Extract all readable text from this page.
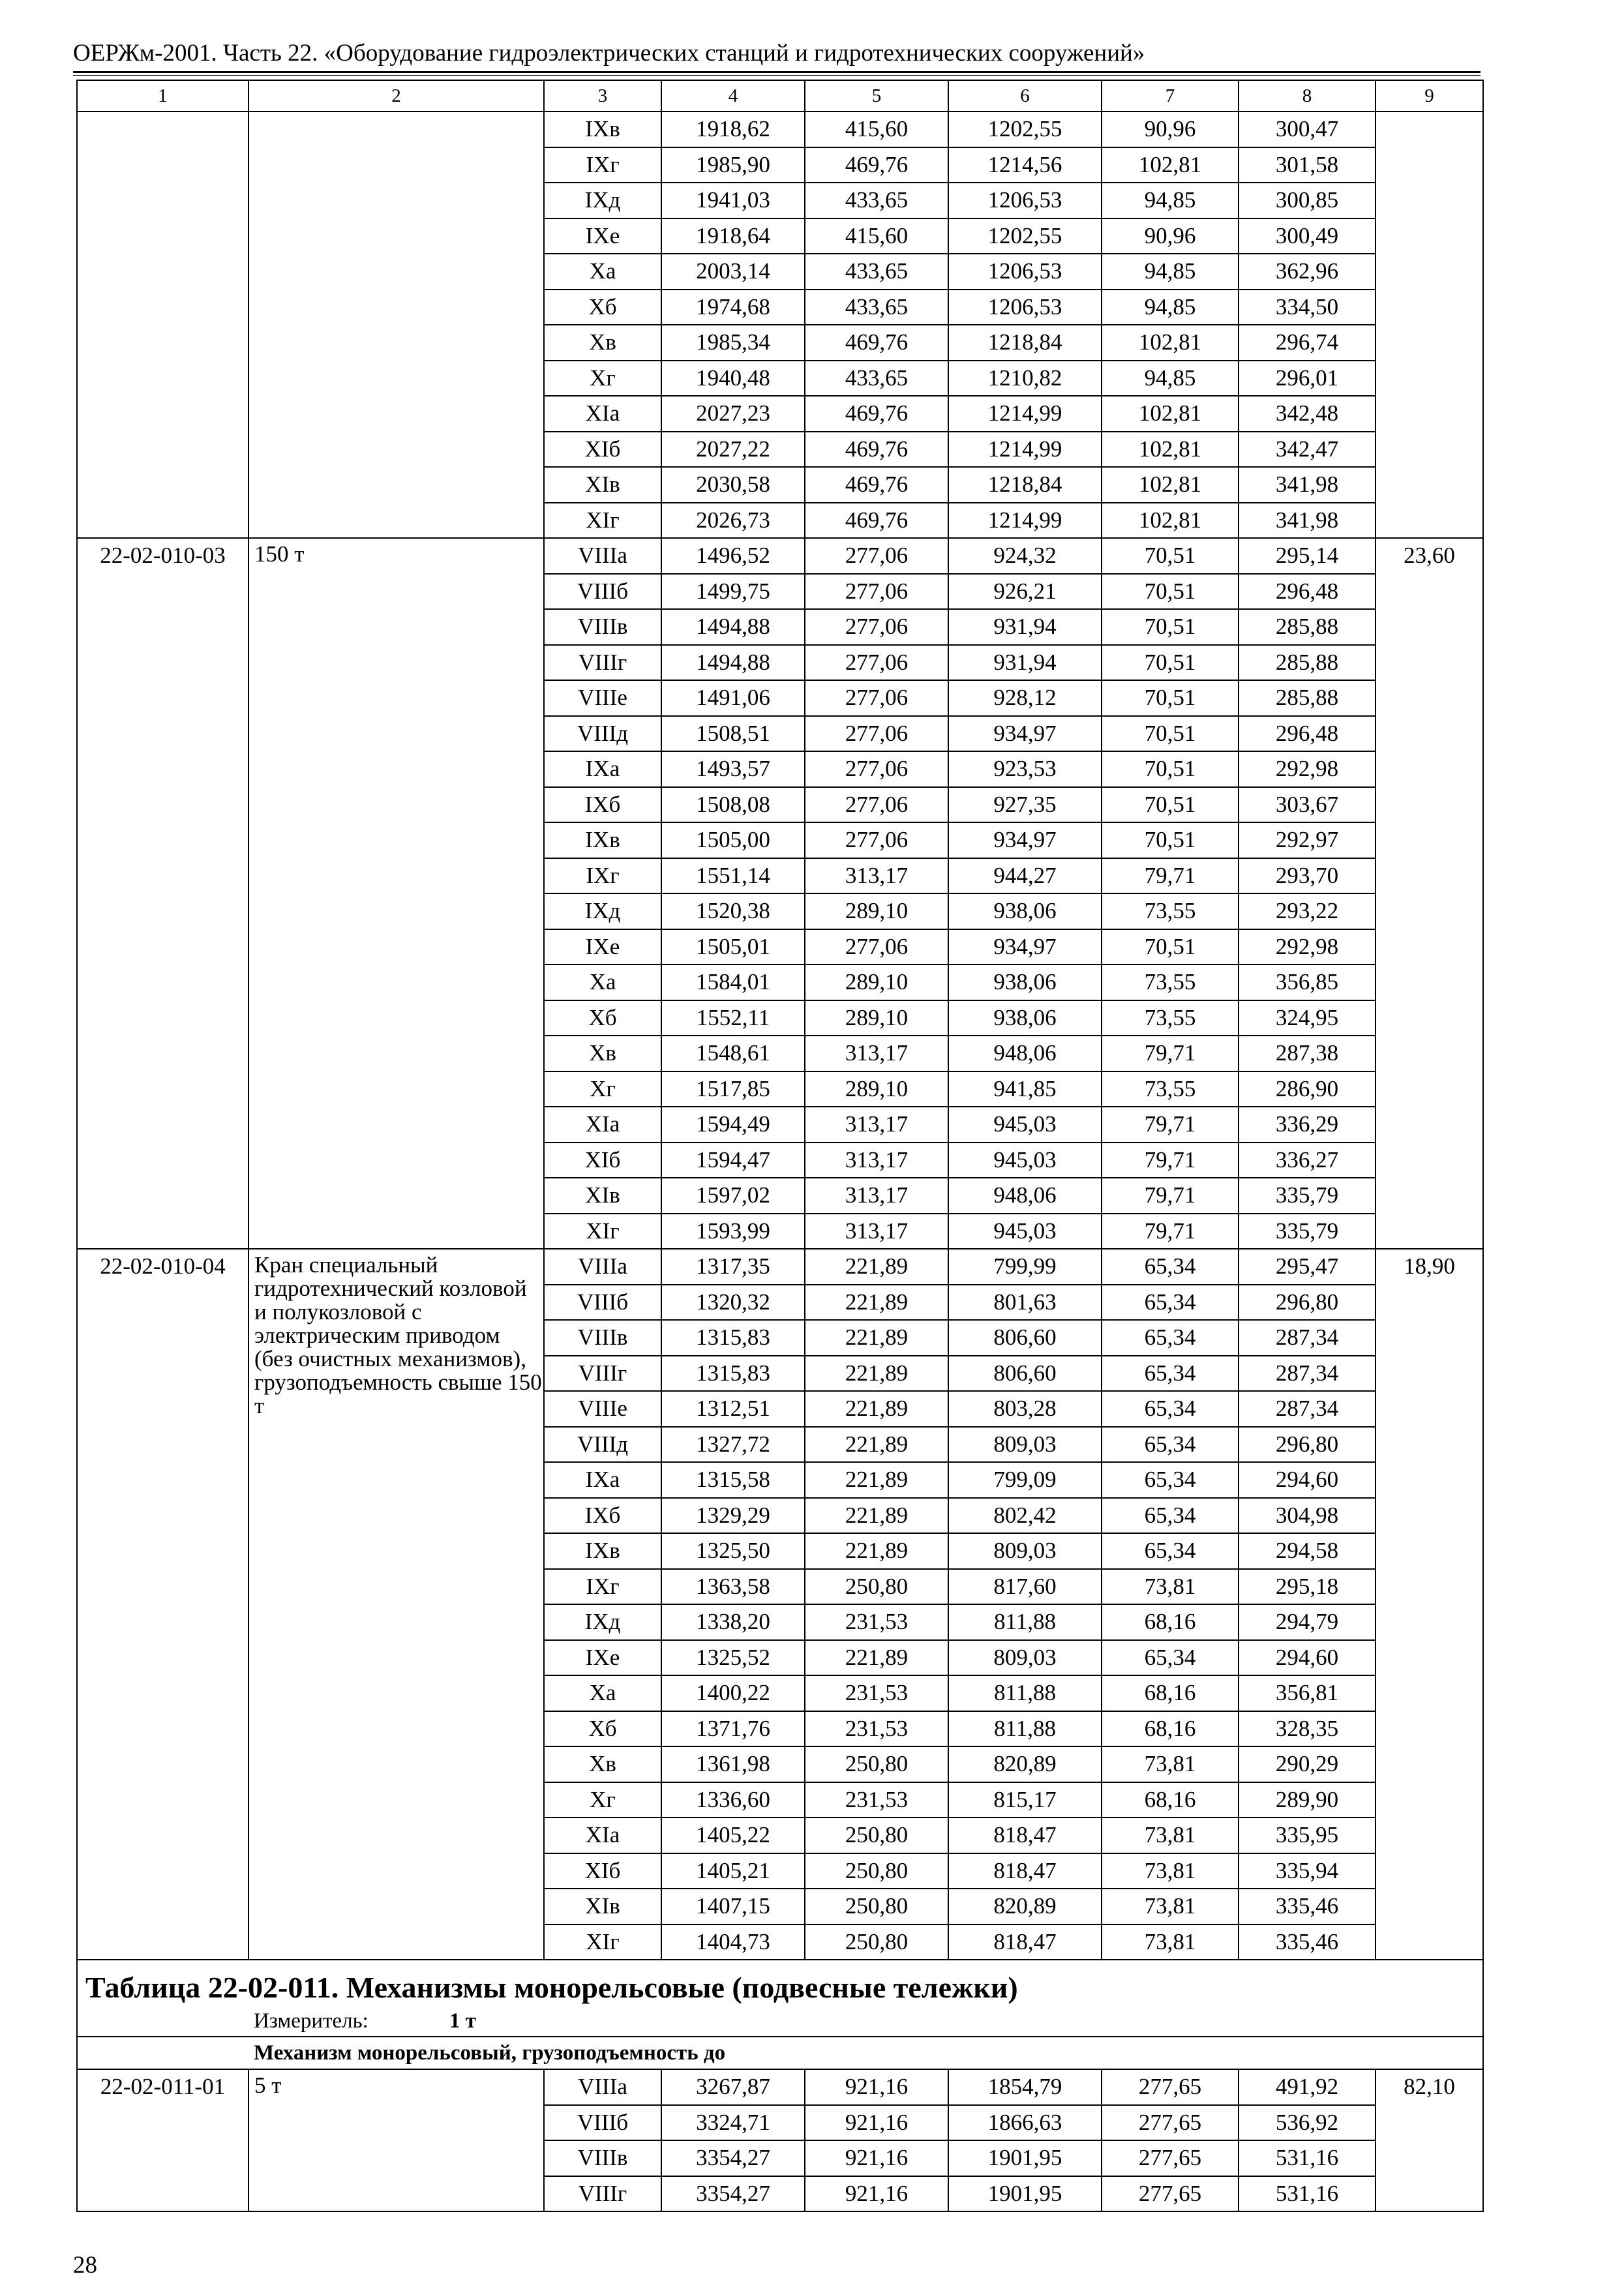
ОЕРЖм-2001. Часть 22. «Оборудование гидроэлектрических станций и гидротехнических сооружений»
1	2	3	4	5	6	7	8	9
		IXв	1918,62	415,60	1202,55	90,96	300,47	
		IXг	1985,90	469,76	1214,56	102,81	301,58	
		IXд	1941,03	433,65	1206,53	94,85	300,85	
		IXе	1918,64	415,60	1202,55	90,96	300,49	
		Xа	2003,14	433,65	1206,53	94,85	362,96	
		Xб	1974,68	433,65	1206,53	94,85	334,50	
		Xв	1985,34	469,76	1218,84	102,81	296,74	
		Xг	1940,48	433,65	1210,82	94,85	296,01	
		XIа	2027,23	469,76	1214,99	102,81	342,48	
		XIб	2027,22	469,76	1214,99	102,81	342,47	
		XIв	2030,58	469,76	1218,84	102,81	341,98	
		XIг	2026,73	469,76	1214,99	102,81	341,98	
22-02-010-03	150 т	VIIIа	1496,52	277,06	924,32	70,51	295,14	23,60
		VIIIб	1499,75	277,06	926,21	70,51	296,48	
		VIIIв	1494,88	277,06	931,94	70,51	285,88	
		VIIIг	1494,88	277,06	931,94	70,51	285,88	
		VIIIе	1491,06	277,06	928,12	70,51	285,88	
		VIIIд	1508,51	277,06	934,97	70,51	296,48	
		IXа	1493,57	277,06	923,53	70,51	292,98	
		IXб	1508,08	277,06	927,35	70,51	303,67	
		IXв	1505,00	277,06	934,97	70,51	292,97	
		IXг	1551,14	313,17	944,27	79,71	293,70	
		IXд	1520,38	289,10	938,06	73,55	293,22	
		IXе	1505,01	277,06	934,97	70,51	292,98	
		Xа	1584,01	289,10	938,06	73,55	356,85	
		Xб	1552,11	289,10	938,06	73,55	324,95	
		Xв	1548,61	313,17	948,06	79,71	287,38	
		Xг	1517,85	289,10	941,85	73,55	286,90	
		XIа	1594,49	313,17	945,03	79,71	336,29	
		XIб	1594,47	313,17	945,03	79,71	336,27	
		XIв	1597,02	313,17	948,06	79,71	335,79	
		XIг	1593,99	313,17	945,03	79,71	335,79	
22-02-010-04	Кран специальный гидротехнический козловой и полукозловой с электрическим приводом (без очистных механизмов), грузоподъемность свыше 150 т	VIIIа	1317,35	221,89	799,99	65,34	295,47	18,90
		VIIIб	1320,32	221,89	801,63	65,34	296,80	
		VIIIв	1315,83	221,89	806,60	65,34	287,34	
		VIIIг	1315,83	221,89	806,60	65,34	287,34	
		VIIIе	1312,51	221,89	803,28	65,34	287,34	
		VIIIд	1327,72	221,89	809,03	65,34	296,80	
		IXа	1315,58	221,89	799,09	65,34	294,60	
		IXб	1329,29	221,89	802,42	65,34	304,98	
		IXв	1325,50	221,89	809,03	65,34	294,58	
		IXг	1363,58	250,80	817,60	73,81	295,18	
		IXд	1338,20	231,53	811,88	68,16	294,79	
		IXе	1325,52	221,89	809,03	65,34	294,60	
		Xа	1400,22	231,53	811,88	68,16	356,81	
		Xб	1371,76	231,53	811,88	68,16	328,35	
		Xв	1361,98	250,80	820,89	73,81	290,29	
		Xг	1336,60	231,53	815,17	68,16	289,90	
		XIа	1405,22	250,80	818,47	73,81	335,95	
		XIб	1405,21	250,80	818,47	73,81	335,94	
		XIв	1407,15	250,80	820,89	73,81	335,46	
		XIг	1404,73	250,80	818,47	73,81	335,46	
Таблица 22-02-011. Механизмы монорельсовые (подвесные тележки)								
Измеритель: 1 т								
Механизм монорельсовый, грузоподъемность до								
22-02-011-01	5 т	VIIIа	3267,87	921,16	1854,79	277,65	491,92	82,10
		VIIIб	3324,71	921,16	1866,63	277,65	536,92	
		VIIIв	3354,27	921,16	1901,95	277,65	531,16	
		VIIIг	3354,27	921,16	1901,95	277,65	531,16	
28
